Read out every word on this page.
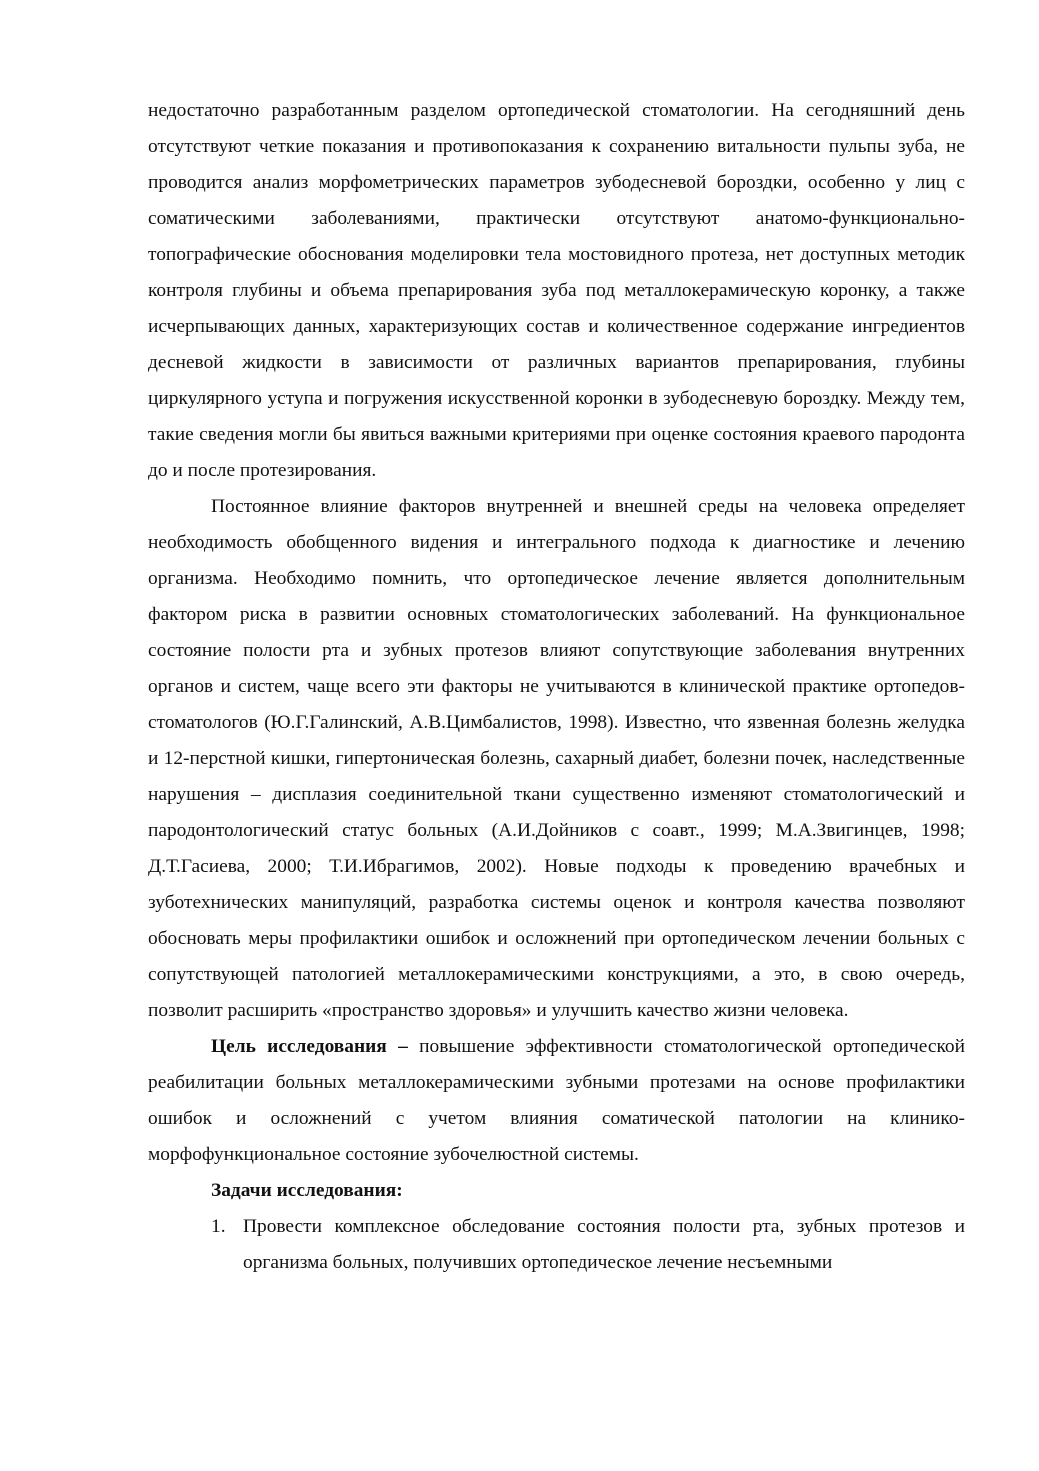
недостаточно разработанным разделом ортопедической стоматологии. На сегодняшний день отсутствуют четкие показания и противопоказания к сохранению витальности пульпы зуба, не проводится анализ морфометрических параметров зубодесневой бороздки, особенно у лиц с соматическими заболеваниями, практически отсутствуют анатомо-функционально-топографические обоснования моделировки тела мостовидного протеза, нет доступных методик контроля глубины и объема препарирования зуба под металлокерамическую коронку, а также исчерпывающих данных, характеризующих состав и количественное содержание ингредиентов десневой жидкости в зависимости от различных вариантов препарирования, глубины циркулярного уступа и погружения искусственной коронки в зубодесневую бороздку. Между тем, такие сведения могли бы явиться важными критериями при оценке состояния краевого пародонта до и после протезирования.

Постоянное влияние факторов внутренней и внешней среды на человека определяет необходимость обобщенного видения и интегрального подхода к диагностике и лечению организма. Необходимо помнить, что ортопедическое лечение является дополнительным фактором риска в развитии основных стоматологических заболеваний. На функциональное состояние полости рта и зубных протезов влияют сопутствующие заболевания внутренних органов и систем, чаще всего эти факторы не учитываются в клинической практике ортопедов-стоматологов (Ю.Г.Галинский, А.В.Цимбалистов, 1998). Известно, что язвенная болезнь желудка и 12-перстной кишки, гипертоническая болезнь, сахарный диабет, болезни почек, наследственные нарушения – дисплазия соединительной ткани существенно изменяют стоматологический и пародонтологический статус больных (А.И.Дойников с соавт., 1999; М.А.Звигинцев, 1998; Д.Т.Гасиева, 2000; Т.И.Ибрагимов, 2002). Новые подходы к проведению врачебных и зуботехнических манипуляций, разработка системы оценок и контроля качества позволяют обосновать меры профилактики ошибок и осложнений при ортопедическом лечении больных с сопутствующей патологией металлокерамическими конструкциями, а это, в свою очередь, позволит расширить «пространство здоровья» и улучшить качество жизни человека.

Цель исследования – повышение эффективности стоматологической ортопедической реабилитации больных металлокерамическими зубными протезами на основе профилактики ошибок и осложнений с учетом влияния соматической патологии на клинико-морфофункциональное состояние зубочелюстной системы.

Задачи исследования:

1. Провести комплексное обследование состояния полости рта, зубных протезов и организма больных, получивших ортопедическое лечение несъемными
